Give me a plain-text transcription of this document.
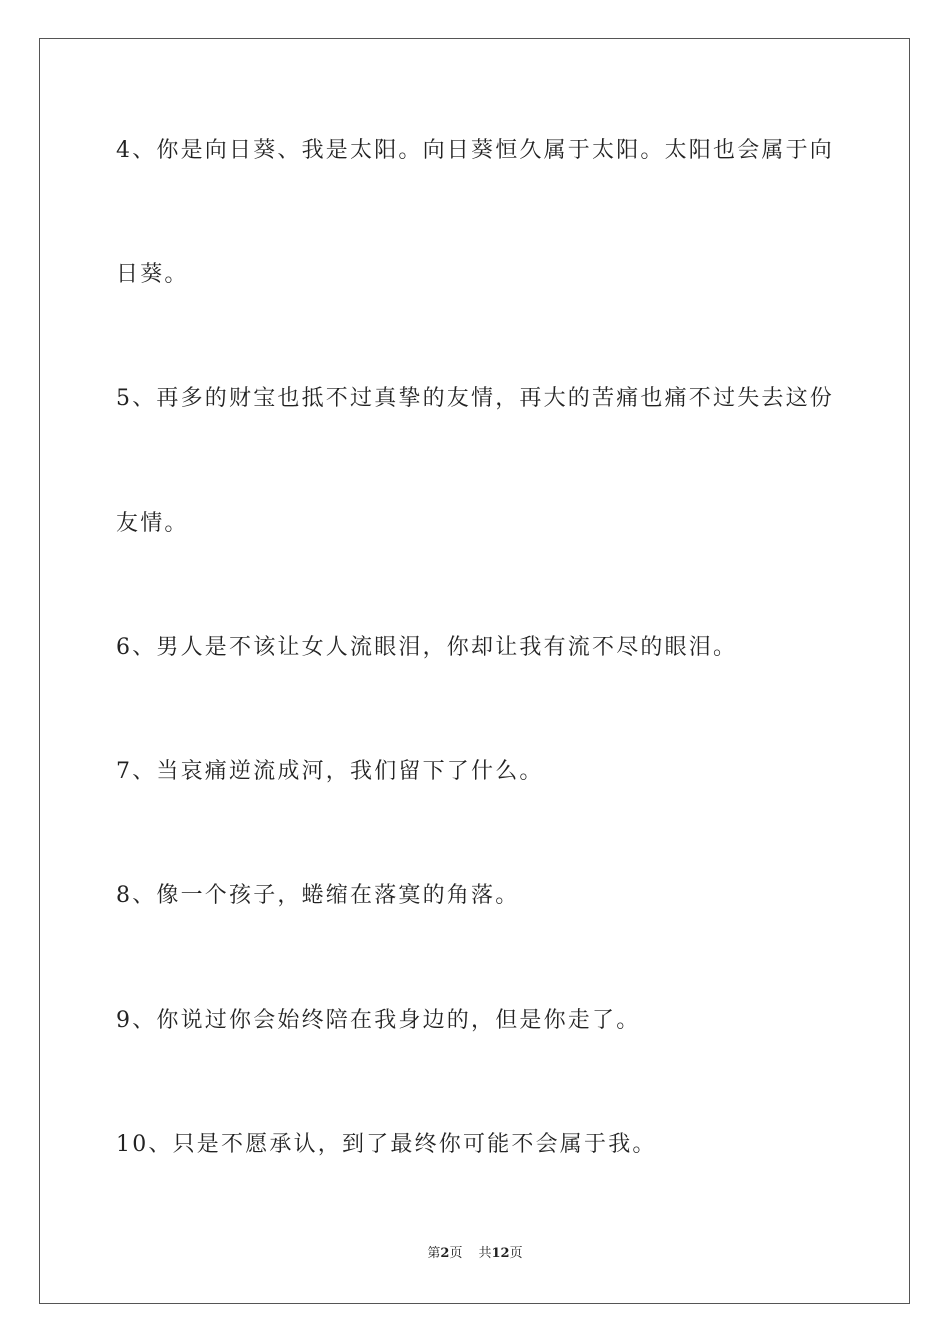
4、你是向日葵、我是太阳。向日葵恒久属于太阳。太阳也会属于向
日葵。
5、再多的财宝也抵不过真挚的友情，再大的苦痛也痛不过失去这份
友情。
6、男人是不该让女人流眼泪，你却让我有流不尽的眼泪。
7、当哀痛逆流成河，我们留下了什么。
8、像一个孩子，蜷缩在落寞的角落。
9、你说过你会始终陪在我身边的，但是你走了。
10、只是不愿承认，到了最终你可能不会属于我。
第2页 共12页
